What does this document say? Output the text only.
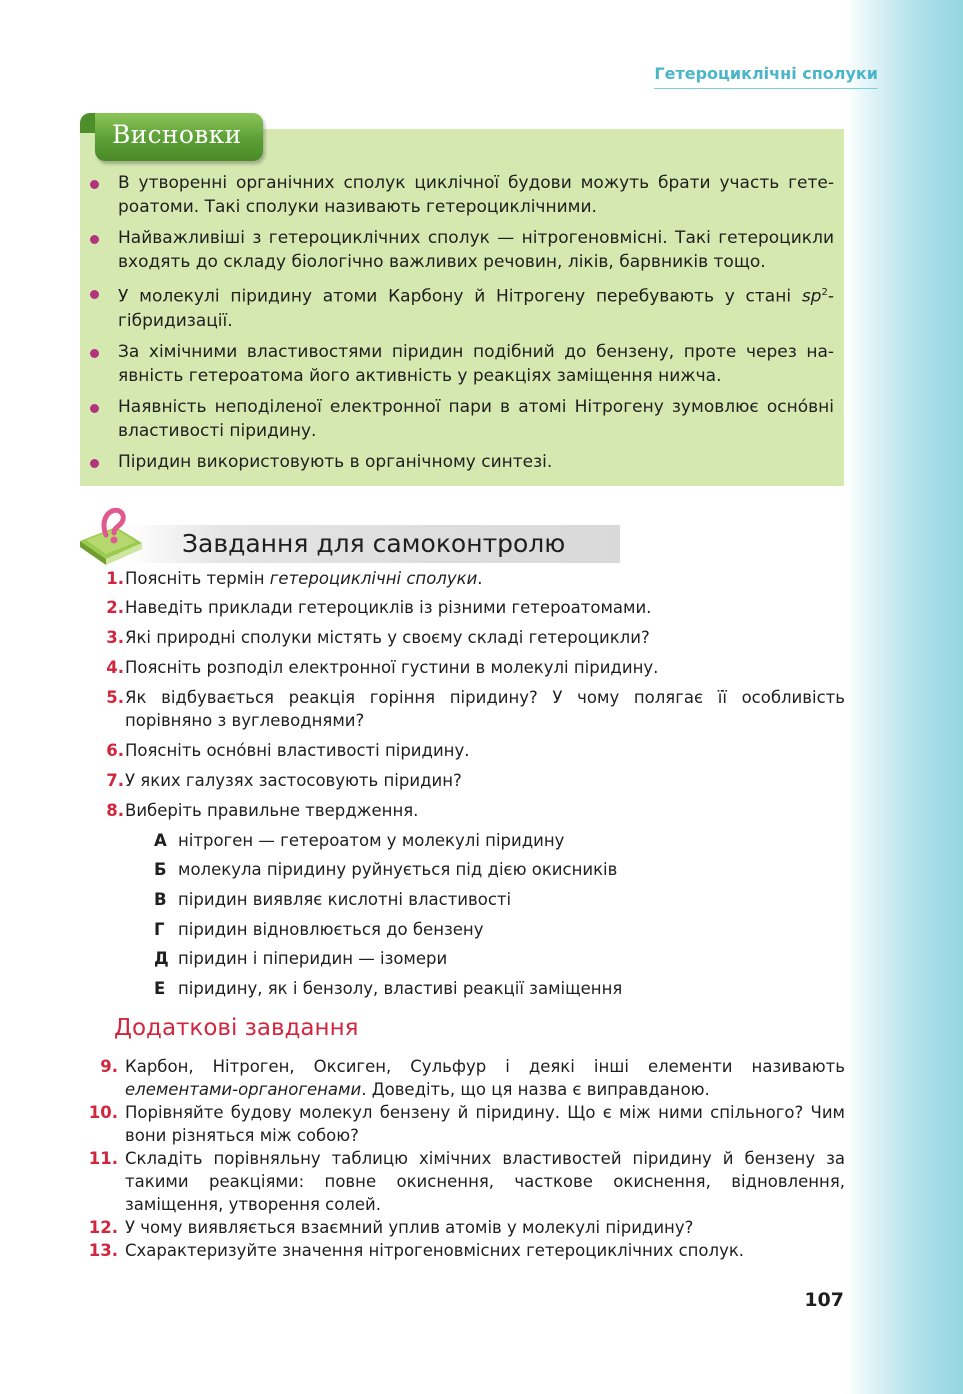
Гетероциклічні сполуки
Висновки
В утворенні органічних сполук циклічної будови можуть брати участь гетероатоми. Такі сполуки називають гетероциклічними.
Найважливіші з гетероциклічних сполук — нітрогеновмісні. Такі гетероцикли входять до складу біологічно важливих речовин, ліків, барвників тощо.
У молекулі піридину атоми Карбону й Нітрогену перебувають у стані $sp^2$-гібридизації.
За хімічними властивостями піридин подібний до бензену, проте через наявність гетероатома його активність у реакціях заміщення нижча.
Наявність неподіленої електронної пари в атомі Нітрогену зумовлює осно́вні властивості піридину.
Піридин використовують в органічному синтезі.
Завдання для самоконтролю
1. Поясніть термін гетероциклічні сполуки.
2. Наведіть приклади гетероциклів із різними гетероатомами.
3. Які природні сполуки містять у своєму складі гетероцикли?
4. Поясніть розподіл електронної густини в молекулі піридину.
5. Як відбувається реакція горіння піридину? У чому полягає її особливість порівняно з вуглеводнями?
6. Поясніть осно́вні властивості піридину.
7. У яких галузях застосовують піридин?
8. Виберіть правильне твердження.
А нітроген — гетероатом у молекулі піридину
Б молекула піридину руйнується під дією окисників
В піридин виявляє кислотні властивості
Г піридин відновлюється до бензену
Д піридин і піперидин — ізомери
Е піридину, як і бензолу, властиві реакції заміщення
Додаткові завдання
9. Карбон, Нітроген, Оксиген, Сульфур і деякі інші елементи називають елементами-органогенами. Доведіть, що ця назва є виправданою.
10. Порівняйте будову молекул бензену й піридину. Що є між ними спільного? Чим вони різняться між собою?
11. Складіть порівняльну таблицю хімічних властивостей піридину й бензену за такими реакціями: повне окиснення, часткове окиснення, відновлення, заміщення, утворення солей.
12. У чому виявляється взаємний уплив атомів у молекулі піридину?
13. Схарактеризуйте значення нітрогеновмісних гетероциклічних сполук.
107
